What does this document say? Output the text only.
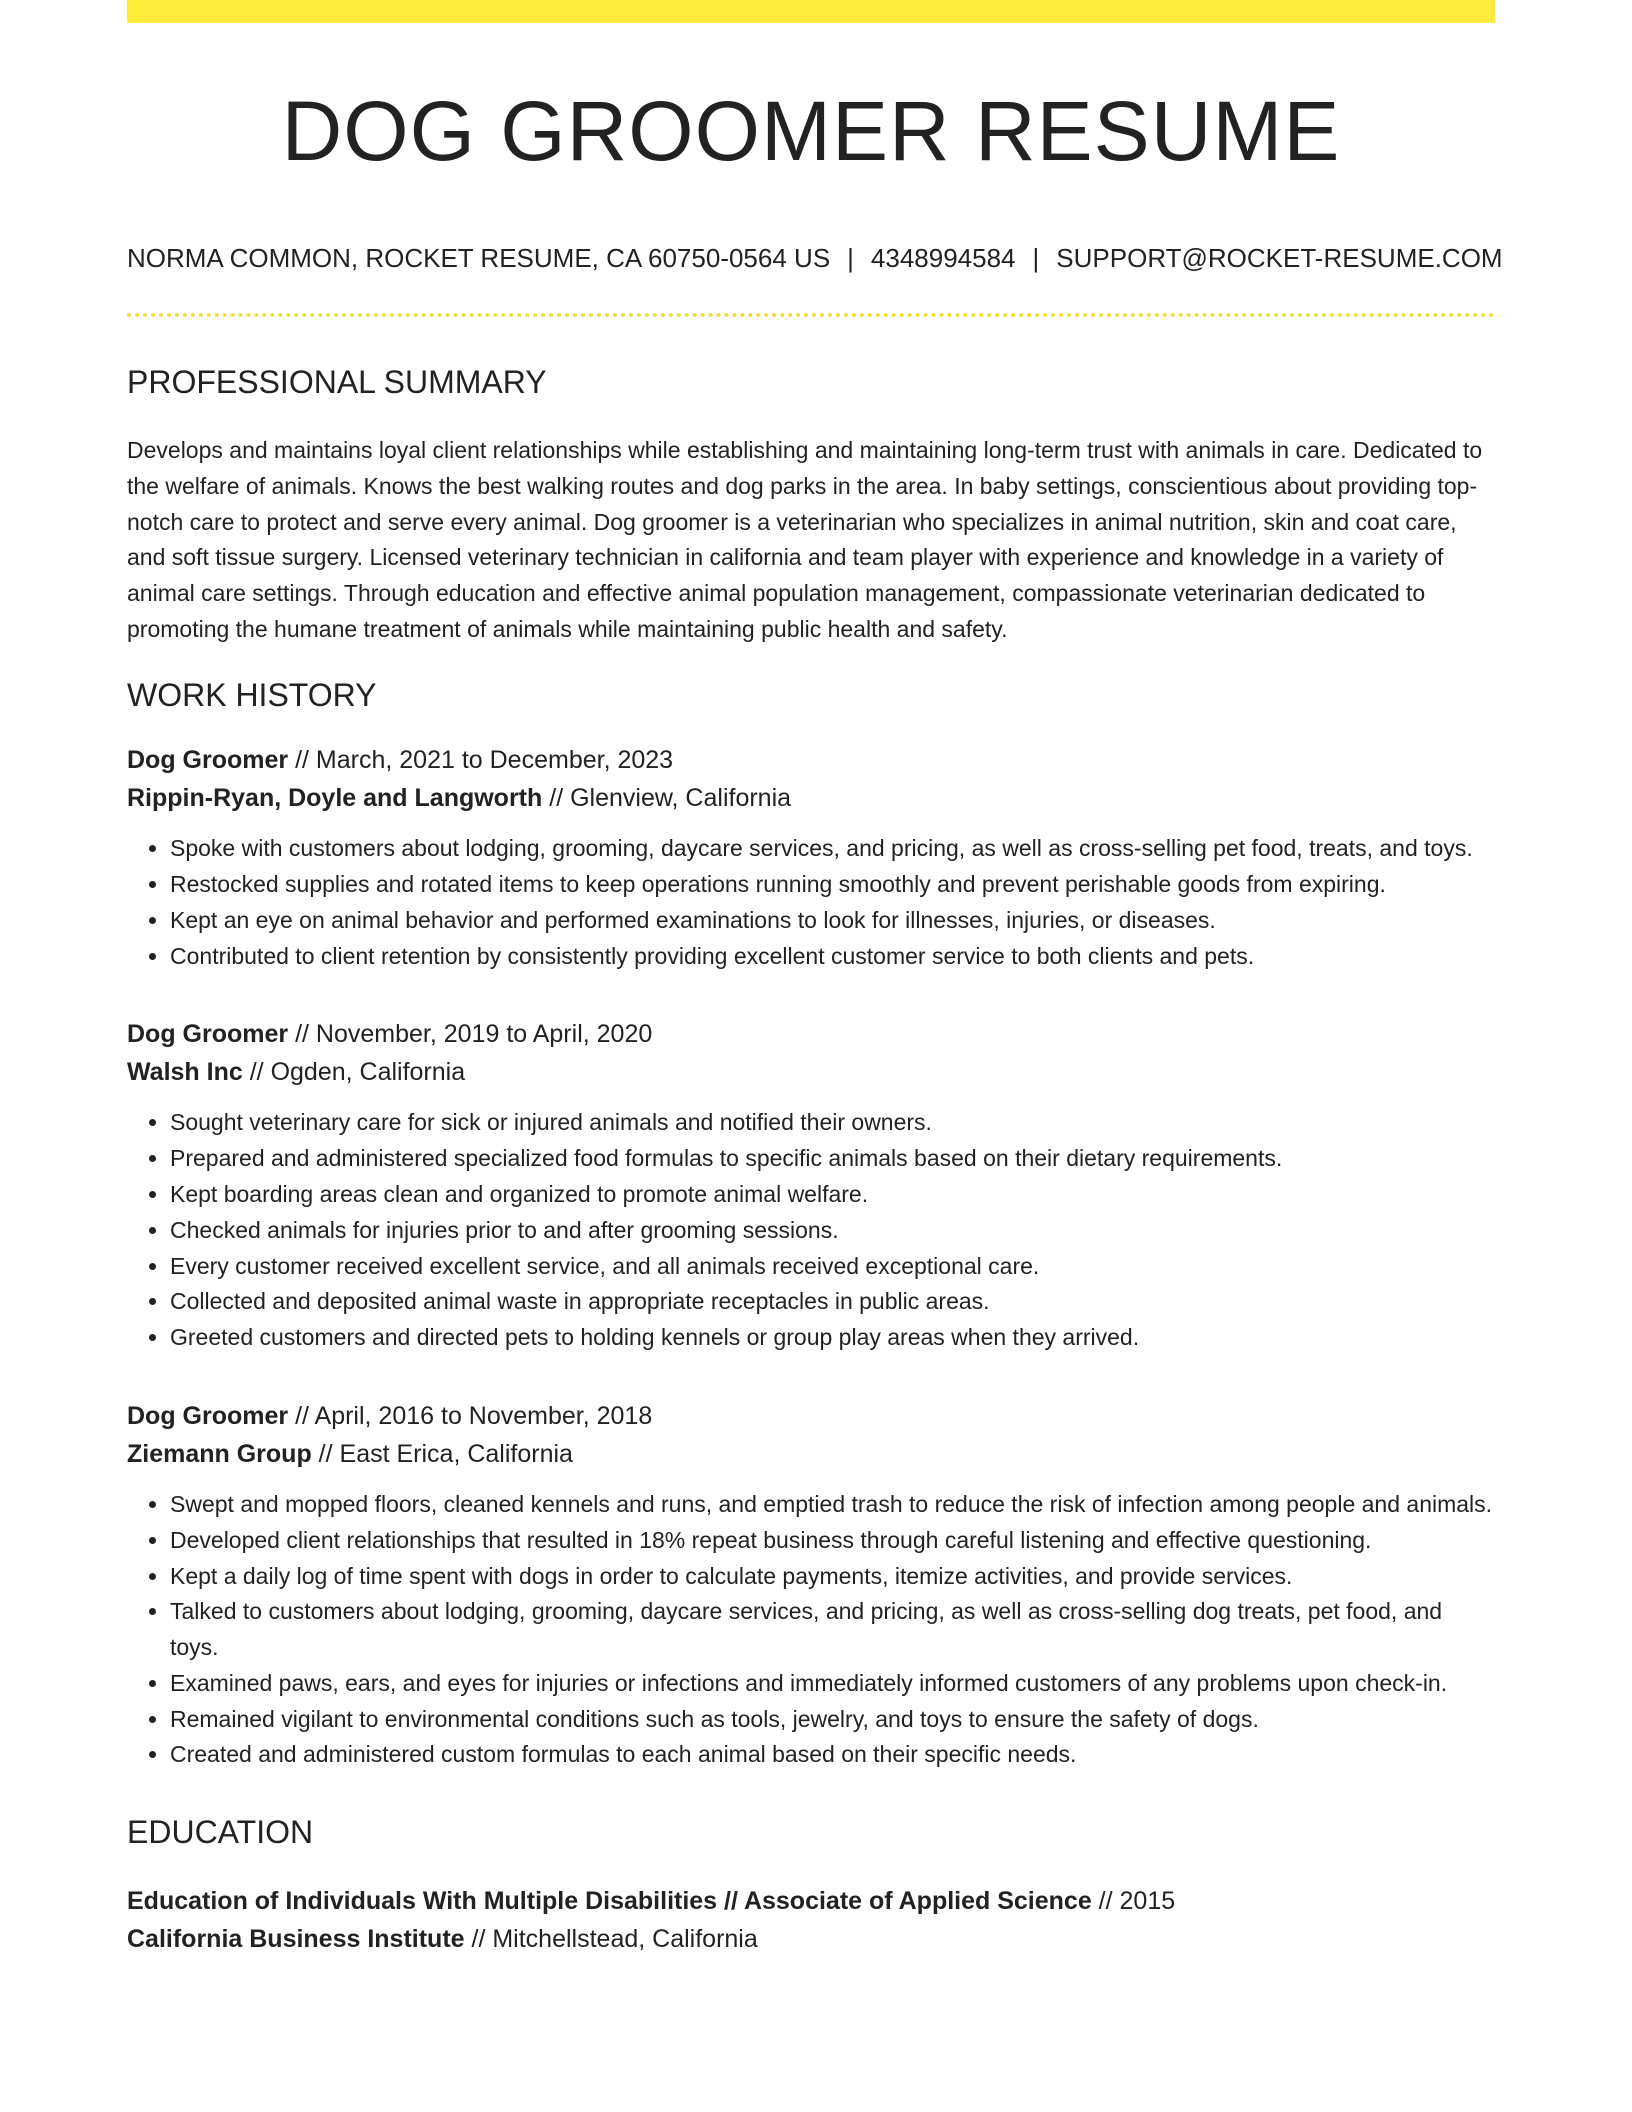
DOG GROOMER RESUME
NORMA COMMON, ROCKET RESUME, CA 60750-0564 US | 4348994584 | SUPPORT@ROCKET-RESUME.COM
PROFESSIONAL SUMMARY

Develops and maintains loyal client relationships while establishing and maintaining long-term trust with animals in care. Dedicated to the welfare of animals. Knows the best walking routes and dog parks in the area. In baby settings, conscientious about providing top-notch care to protect and serve every animal. Dog groomer is a veterinarian who specializes in animal nutrition, skin and coat care, and soft tissue surgery. Licensed veterinary technician in california and team player with experience and knowledge in a variety of animal care settings. Through education and effective animal population management, compassionate veterinarian dedicated to promoting the humane treatment of animals while maintaining public health and safety.

WORK HISTORY
Dog Groomer // March, 2021 to December, 2023
Rippin-Ryan, Doyle and Langworth // Glenview, California
• Spoke with customers about lodging, grooming, daycare services, and pricing, as well as cross-selling pet food, treats, and toys.
• Restocked supplies and rotated items to keep operations running smoothly and prevent perishable goods from expiring.
• Kept an eye on animal behavior and performed examinations to look for illnesses, injuries, or diseases.
• Contributed to client retention by consistently providing excellent customer service to both clients and pets.
Dog Groomer // November, 2019 to April, 2020
Walsh Inc // Ogden, California
• Sought veterinary care for sick or injured animals and notified their owners.
• Prepared and administered specialized food formulas to specific animals based on their dietary requirements.
• Kept boarding areas clean and organized to promote animal welfare.
• Checked animals for injuries prior to and after grooming sessions.
• Every customer received excellent service, and all animals received exceptional care.
• Collected and deposited animal waste in appropriate receptacles in public areas.
• Greeted customers and directed pets to holding kennels or group play areas when they arrived.
Dog Groomer // April, 2016 to November, 2018
Ziemann Group // East Erica, California
• Swept and mopped floors, cleaned kennels and runs, and emptied trash to reduce the risk of infection among people and animals.
• Developed client relationships that resulted in 18% repeat business through careful listening and effective questioning.
• Kept a daily log of time spent with dogs in order to calculate payments, itemize activities, and provide services.
• Talked to customers about lodging, grooming, daycare services, and pricing, as well as cross-selling dog treats, pet food, and toys.
• Examined paws, ears, and eyes for injuries or infections and immediately informed customers of any problems upon check-in.
• Remained vigilant to environmental conditions such as tools, jewelry, and toys to ensure the safety of dogs.
• Created and administered custom formulas to each animal based on their specific needs.
EDUCATION
Education of Individuals With Multiple Disabilities // Associate of Applied Science // 2015
California Business Institute // Mitchellstead, California
